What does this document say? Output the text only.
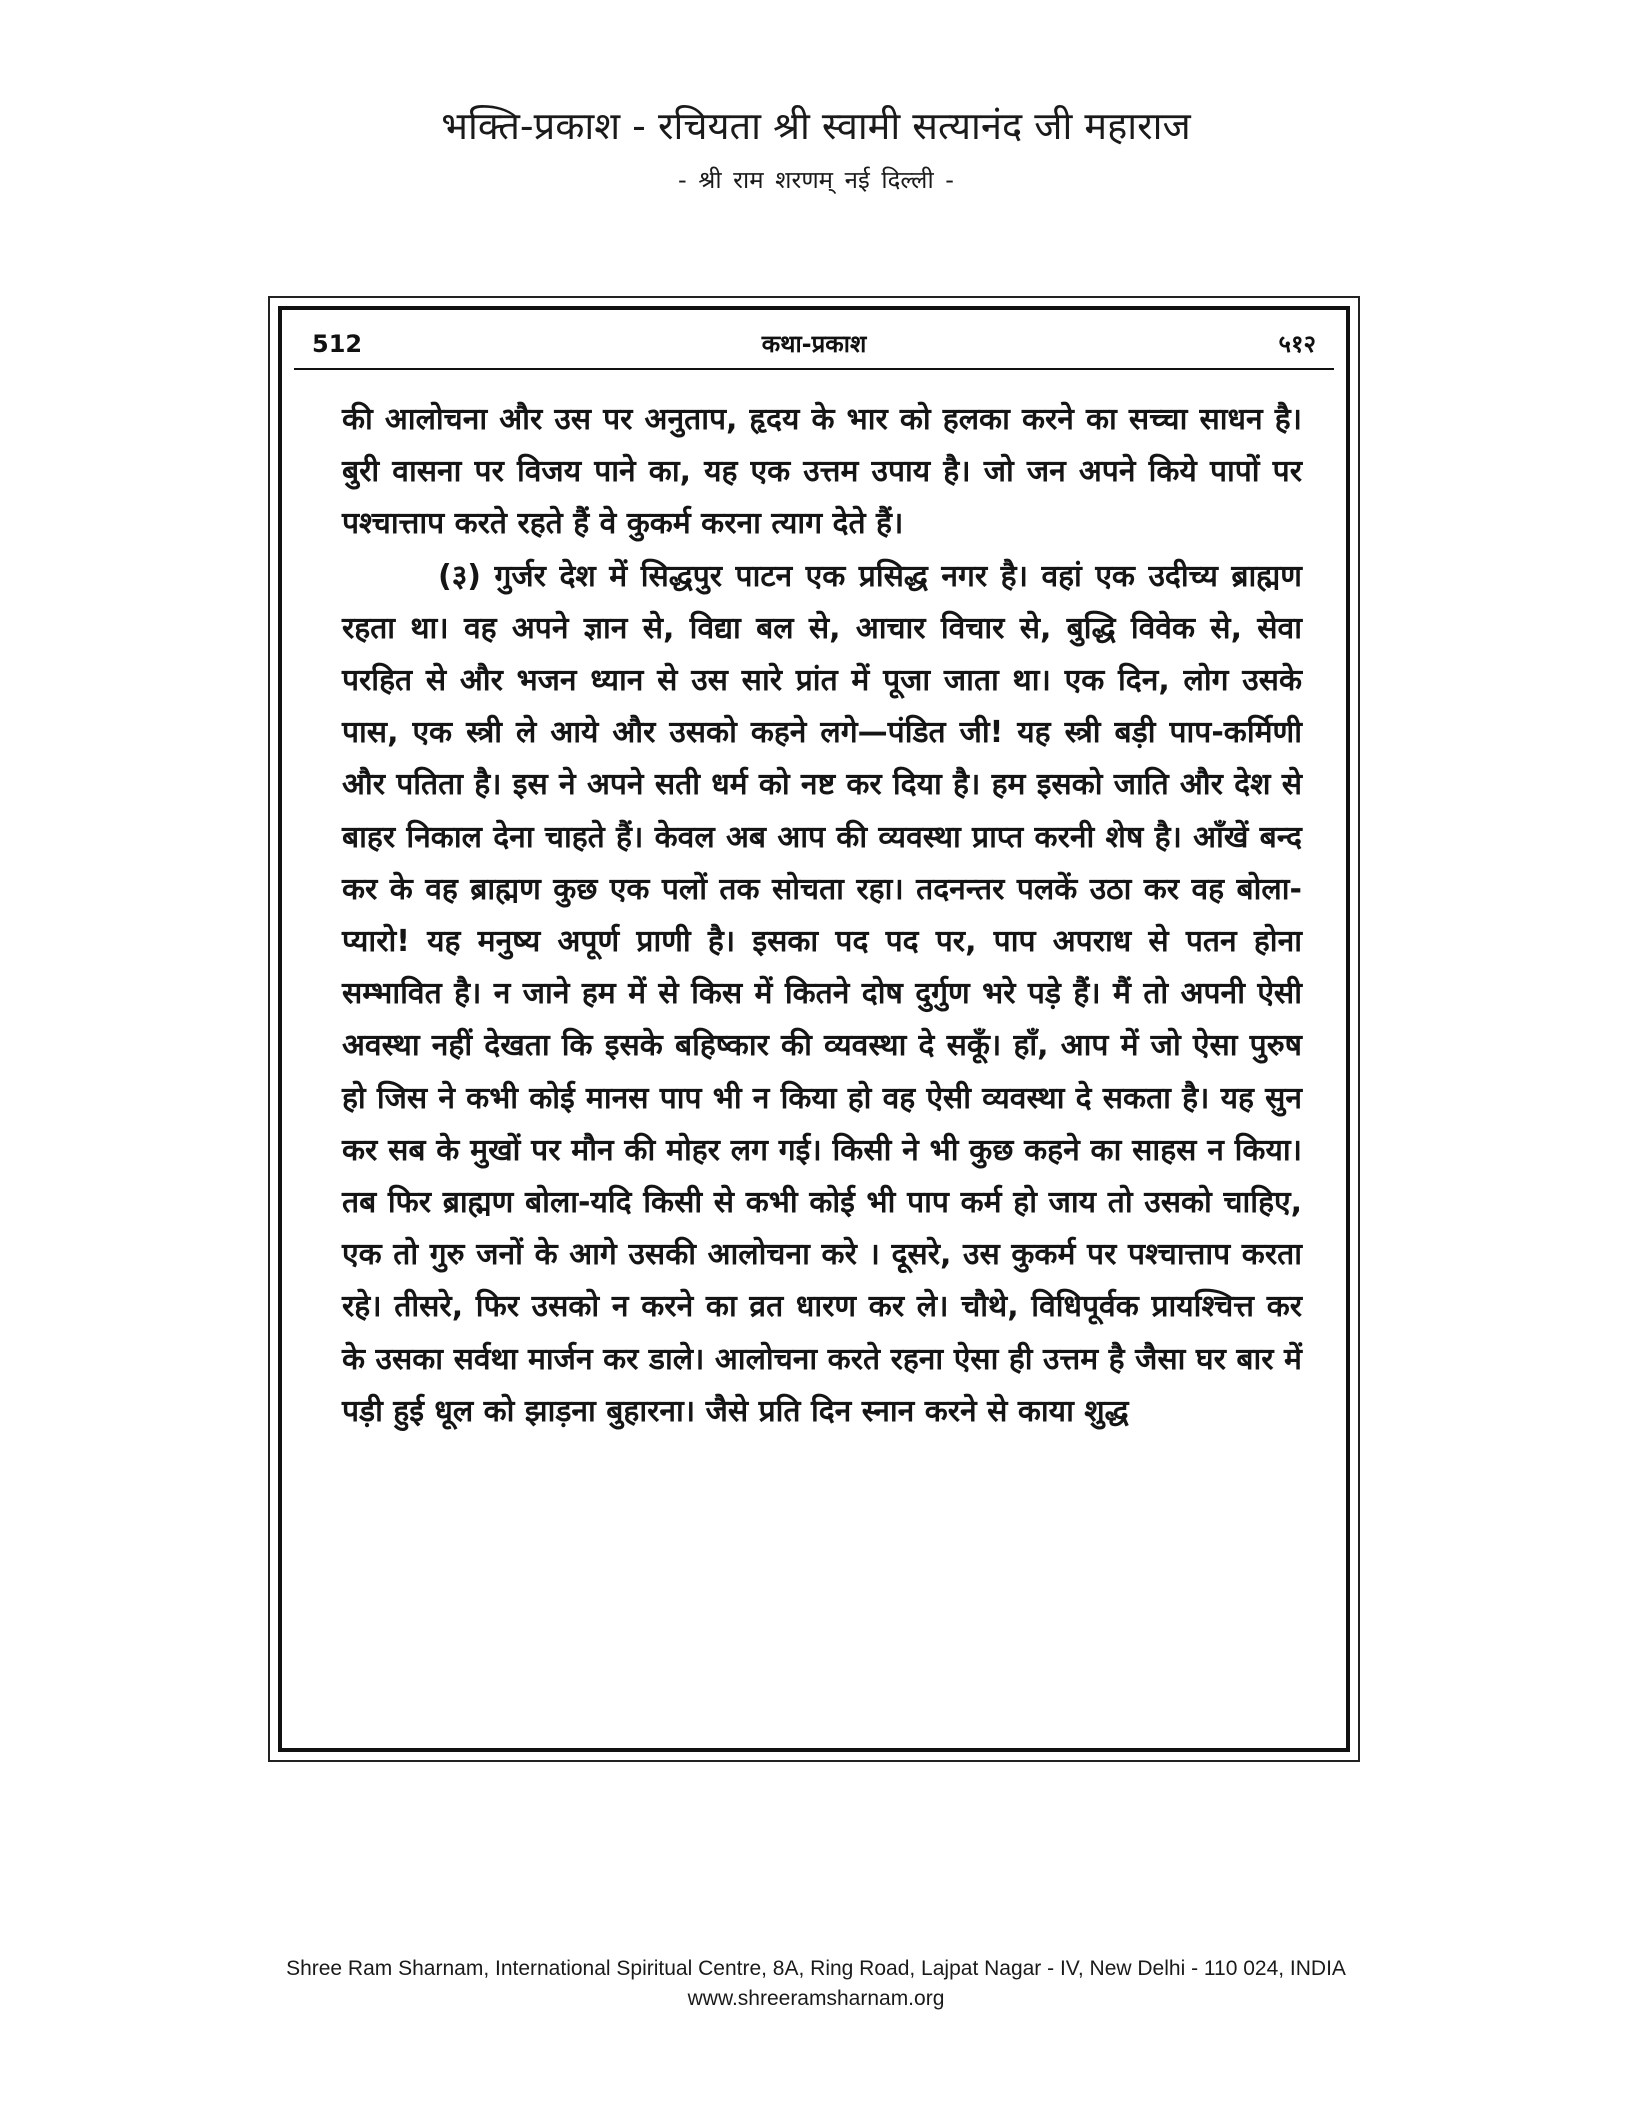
भक्ति-प्रकाश - रचियता श्री स्वामी सत्यानंद जी महाराज
- श्री राम शरणम् नई दिल्ली -
कथा-प्रकाश
512	५१२

की आलोचना और उस पर अनुताप, हृदय के भार को हलका करने का सच्चा साधन है। बुरी वासना पर विजय पाने का, यह एक उत्तम उपाय है। जो जन अपने किये पापों पर पश्चात्ताप करते रहते हैं वे कुकर्म करना त्याग देते हैं।

(३) गुर्जर देश में सिद्धपुर पाटन एक प्रसिद्ध नगर है। वहां एक उदीच्य ब्राह्मण रहता था। वह अपने ज्ञान से, विद्या बल से, आचार विचार से, बुद्धि विवेक से, सेवा परहित से और भजन ध्यान से उस सारे प्रांत में पूजा जाता था। एक दिन, लोग उसके पास, एक स्त्री ले आये और उसको कहने लगे—पंडित जी! यह स्त्री बड़ी पाप-कर्मिणी और पतिता है। इस ने अपने सती धर्म को नष्ट कर दिया है। हम इसको जाति और देश से बाहर निकाल देना चाहते हैं। केवल अब आप की व्यवस्था प्राप्त करनी शेष है। आँखें बन्द कर के वह ब्राह्मण कुछ एक पलों तक सोचता रहा। तदनन्तर पलकें उठा कर वह बोला-प्यारो! यह मनुष्य अपूर्ण प्राणी है। इसका पद पद पर, पाप अपराध से पतन होना सम्भावित है। न जाने हम में से किस में कितने दोष दुर्गुण भरे पड़े हैं। मैं तो अपनी ऐसी अवस्था नहीं देखता कि इसके बहिष्कार की व्यवस्था दे सकूँ। हाँ, आप में जो ऐसा पुरुष हो जिस ने कभी कोई मानस पाप भी न किया हो वह ऐसी व्यवस्था दे सकता है। यह सुन कर सब के मुखों पर मौन की मोहर लग गई। किसी ने भी कुछ कहने का साहस न किया। तब फिर ब्राह्मण बोला-यदि किसी से कभी कोई भी पाप कर्म हो जाय तो उसको चाहिए, एक तो गुरु जनों के आगे उसकी आलोचना करे । दूसरे, उस कुकर्म पर पश्चात्ताप करता रहे। तीसरे, फिर उसको न करने का व्रत धारण कर ले। चौथे, विधिपूर्वक प्रायश्चित्त कर के उसका सर्वथा मार्जन कर डाले। आलोचना करते रहना ऐसा ही उत्तम है जैसा घर बार में पड़ी हुई धूल को झाड़ना बुहारना। जैसे प्रति दिन स्नान करने से काया शुद्ध

Shree Ram Sharnam, International Spiritual Centre, 8A, Ring Road, Lajpat Nagar - IV, New Delhi - 110 024, INDIA
www.shreeramsharnam.org
